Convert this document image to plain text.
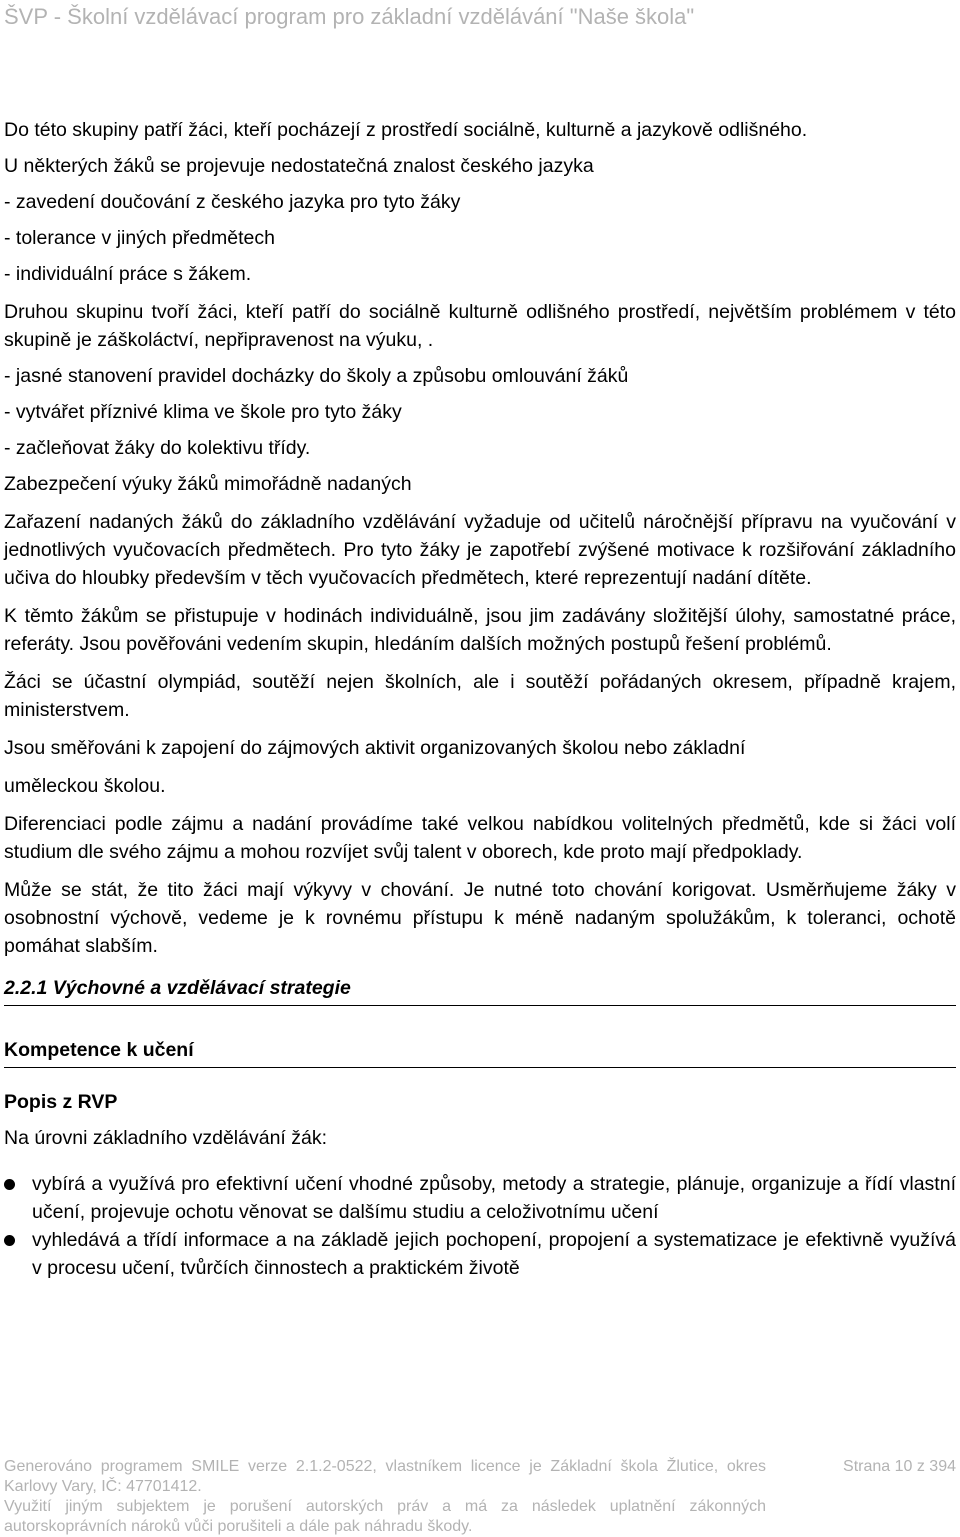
ŠVP - Školní vzdělávací program pro základní vzdělávání "Naše škola"

Do této skupiny patří žáci, kteří pocházejí z prostředí sociálně, kulturně a jazykově odlišného.

U některých žáků se projevuje nedostatečná znalost českého jazyka

- zavedení doučování z českého jazyka pro tyto žáky

- tolerance v jiných předmětech

- individuální práce s žákem.

Druhou skupinu tvoří žáci, kteří patří do sociálně kulturně odlišného prostředí, největším problémem v této skupině je záškoláctví, nepřipravenost na výuku, .

- jasné stanovení pravidel docházky do školy a způsobu omlouvání žáků

- vytvářet příznivé klima ve škole pro tyto žáky

- začleňovat žáky do kolektivu třídy.

Zabezpečení výuky žáků mimořádně nadaných

Zařazení nadaných žáků do základního vzdělávání vyžaduje od učitelů náročnější přípravu na vyučování v jednotlivých vyučovacích předmětech. Pro tyto žáky je zapotřebí zvýšené motivace k rozšiřování základního učiva do hloubky především v těch vyučovacích předmětech, které reprezentují nadání dítěte.

K těmto žákům se přistupuje v hodinách individuálně, jsou jim zadávány složitější úlohy, samostatné práce, referáty. Jsou pověřováni vedením skupin, hledáním dalších možných postupů řešení problémů.

Žáci se účastní olympiád, soutěží nejen školních, ale i soutěží pořádaných okresem, případně krajem, ministerstvem.

Jsou směřováni k zapojení do zájmových aktivit organizovaných školou nebo základní

uměleckou školou.

Diferenciaci podle zájmu a nadání provádíme také velkou nabídkou volitelných předmětů, kde si žáci volí studium dle svého zájmu a mohou rozvíjet svůj talent v oborech, kde proto mají předpoklady.

Může se stát, že tito žáci mají výkyvy v chování. Je nutné toto chování korigovat. Usměrňujeme žáky v osobnostní výchově, vedeme je k rovnému přístupu k méně nadaným spolužákům, k toleranci, ochotě pomáhat slabším.

2.2.1 Výchovné a vzdělávací strategie

Kompetence k učení

Popis z RVP

Na úrovni základního vzdělávání žák:

vybírá a využívá pro efektivní učení vhodné způsoby, metody a strategie, plánuje, organizuje a řídí vlastní učení, projevuje ochotu věnovat se dalšímu studiu a celoživotnímu učení
vyhledává a třídí informace a na základě jejich pochopení, propojení a systematizace je efektivně využívá v procesu učení, tvůrčích činnostech a praktickém životě
Generováno programem SMILE verze 2.1.2-0522, vlastníkem licence je Základní škola Žlutice, okres Karlovy Vary, IČ: 47701412.
Strana 10 z 394
Využití jiným subjektem je porušení autorských práv a má za následek uplatnění zákonných autorskoprávních nároků vůči porušiteli a dále pak náhradu škody.
